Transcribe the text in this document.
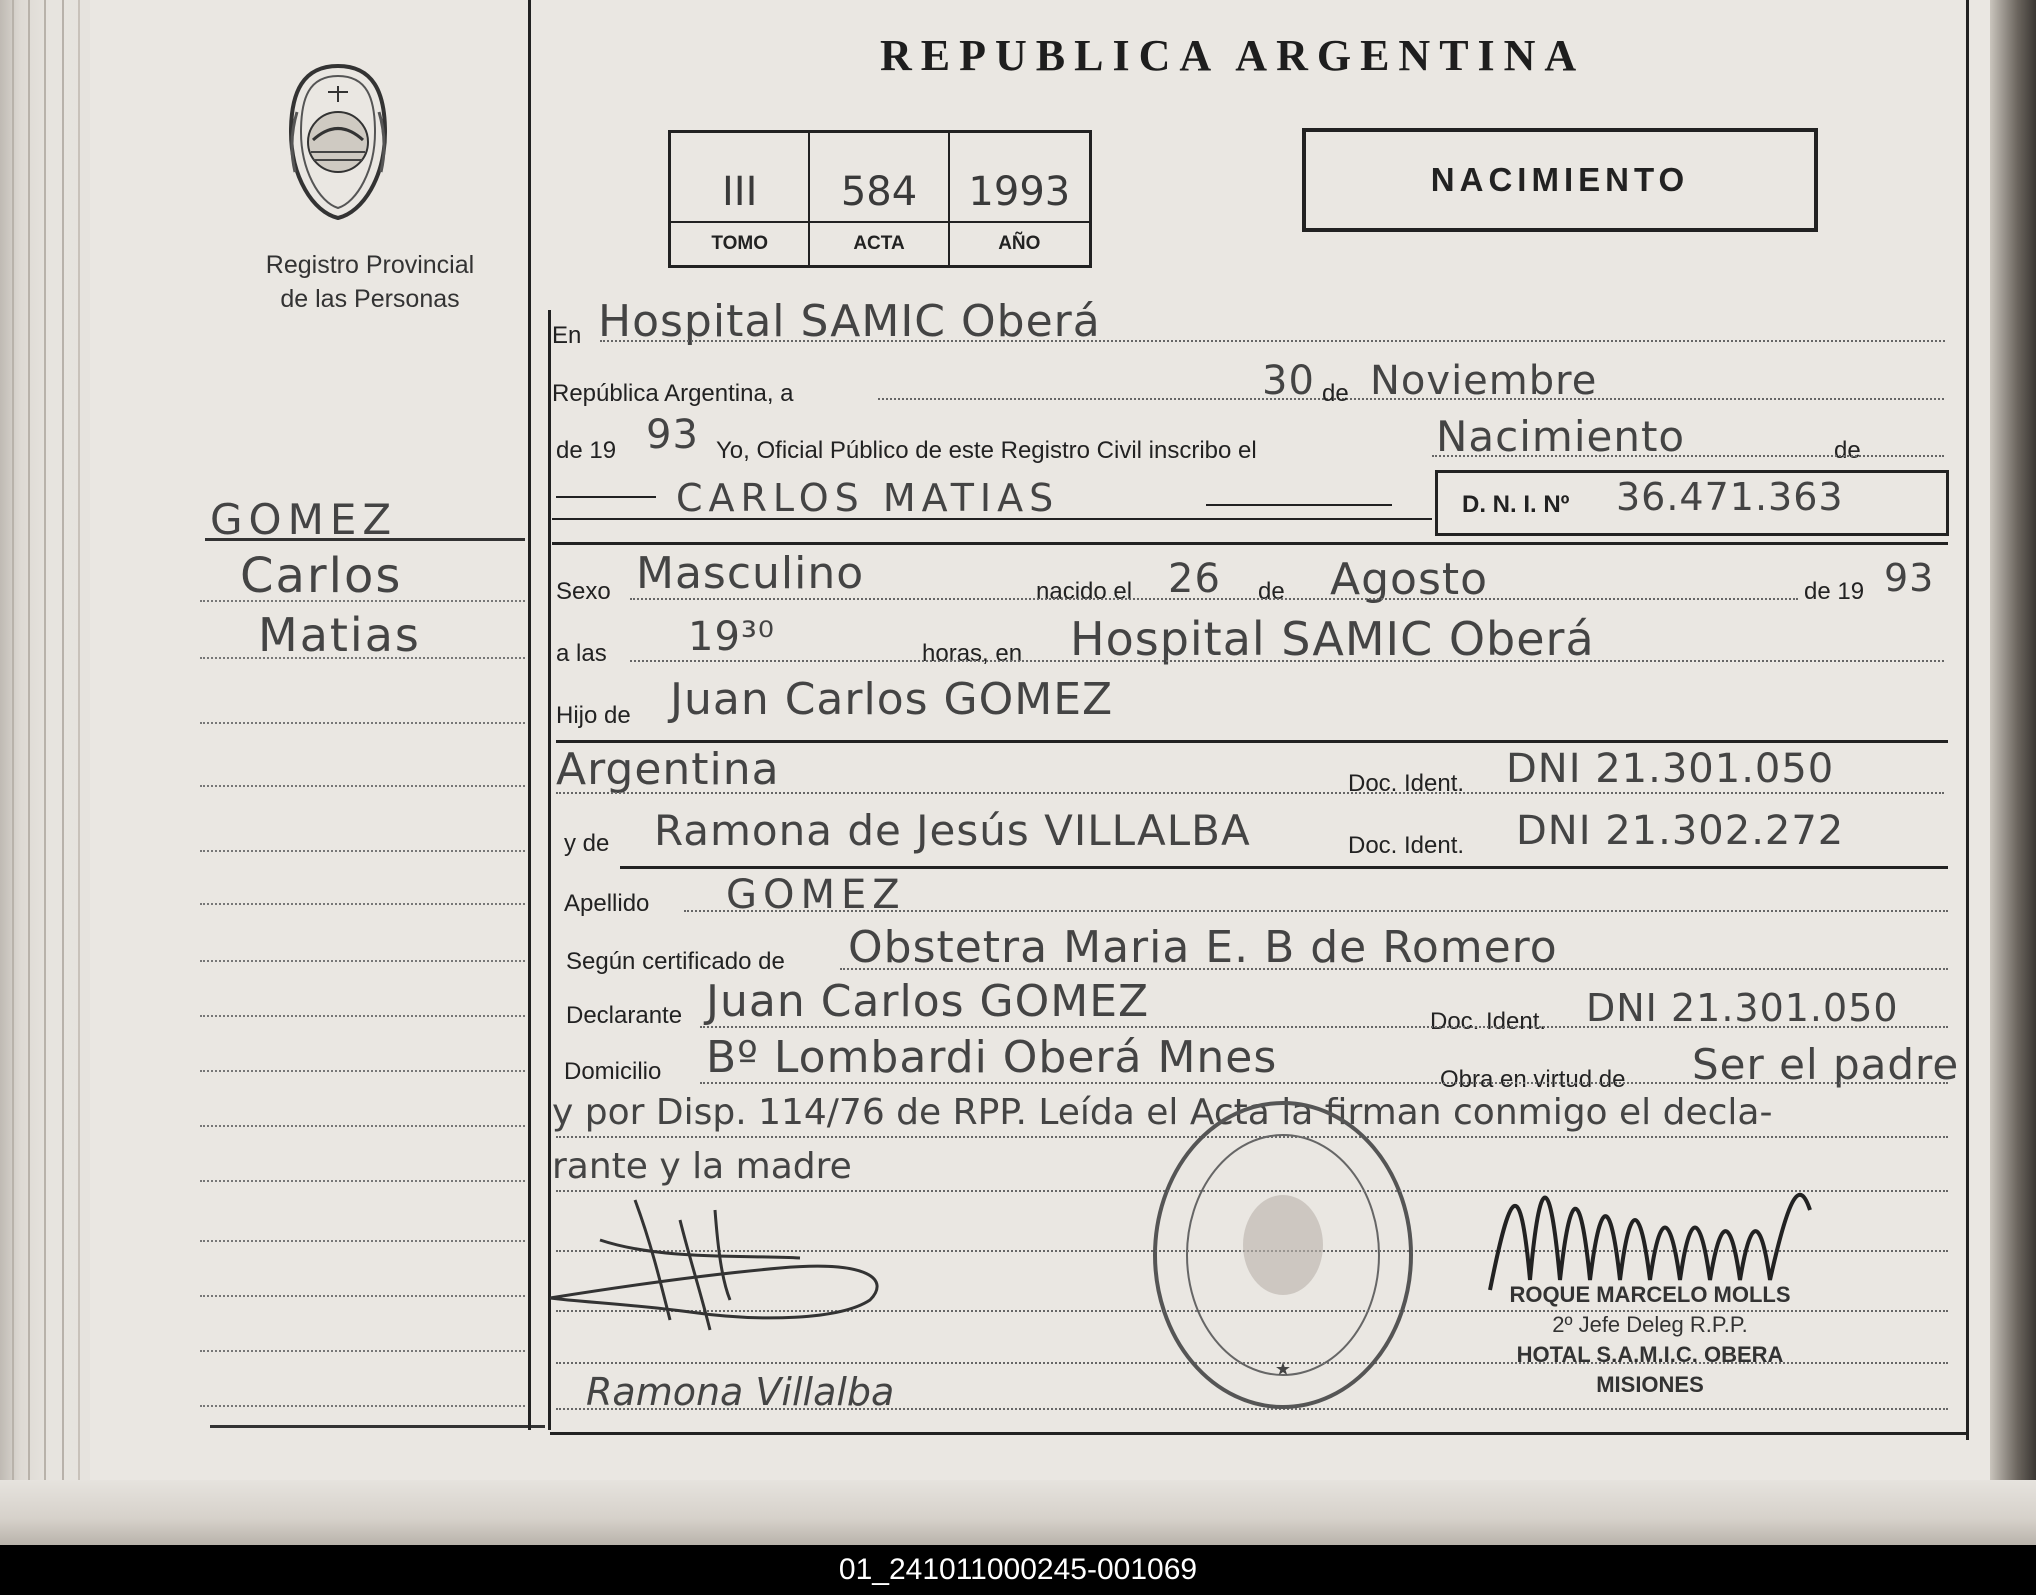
Registro Provincial
de las Personas
GOMEZ
Carlos
Matias
REPUBLICA ARGENTINA
III	584	1993
TOMO	ACTA	AÑO
NACIMIENTO
En Hospital SAMIC Oberá
República Argentina, a	30 de Noviembre
de 19 93 Yo, Oficial Público de este Registro Civil inscribo el	Nacimiento	de
CARLOS MATIAS	D. N. I. Nº 36.471.363
Sexo Masculino	nacido el 26 de Agosto	de 19 93
a las 19³⁰	horas, en Hospital SAMIC Oberá
Hijo de Juan Carlos GOMEZ
Argentina	Doc. Ident. DNI 21.301.050
y de Ramona de Jesús VILLALBA	Doc. Ident. DNI 21.302.272
Apellido GOMEZ
Según certificado de Obstetra Maria E. B de Romero
Declarante Juan Carlos GOMEZ	Doc. Ident. DNI 21.301.050
Domicilio Bº Lombardi Oberá Mnes	Obra en virtud de Ser el padre
y por Disp. 114/76 de RPP. Leída el Acta la firman conmigo el decla-
rante y la madre
Ramona Villalba
★
ROQUE MARCELO MOLLS
2º Jefe Deleg R.P.P.
HOTAL S.A.M.I.C. OBERA
MISIONES
01_241011000245-001069
